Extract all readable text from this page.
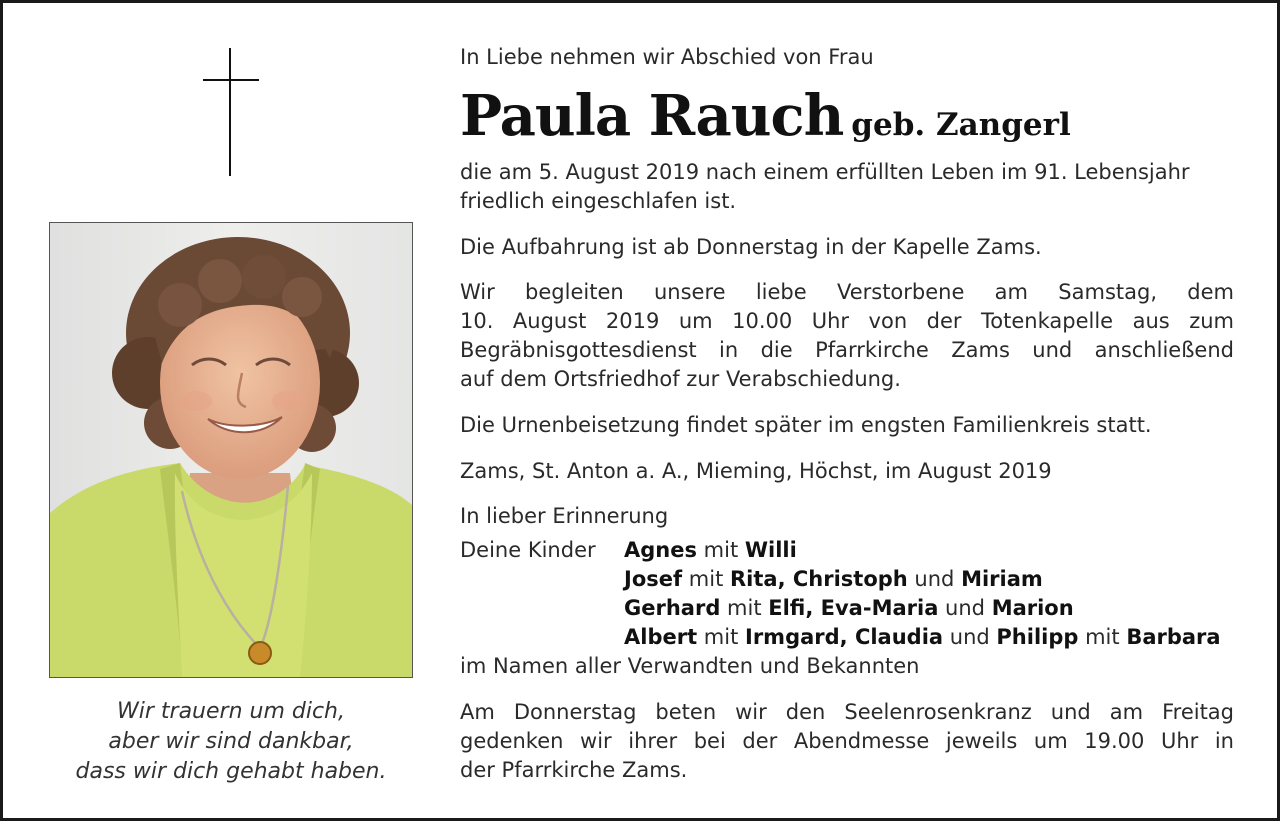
Wir trauern um dich,
aber wir sind dankbar,
dass wir dich gehabt haben.
In Liebe nehmen wir Abschied von Frau
Paula Rauch geb. Zangerl
die am 5. August 2019 nach einem erfüllten Leben im 91. Lebensjahr
friedlich eingeschlafen ist.
Die Aufbahrung ist ab Donnerstag in der Kapelle Zams.
Wir begleiten unsere liebe Verstorbene am Samstag, dem
10. August 2019 um 10.00 Uhr von der Totenkapelle aus zum
Begräbnisgottesdienst in die Pfarrkirche Zams und anschließend
auf dem Ortsfriedhof zur Verabschiedung.
Die Urnenbeisetzung findet später im engsten Familienkreis statt.
Zams, St. Anton a. A., Mieming, Höchst, im August 2019
In lieber Erinnerung
Deine Kinder Agnes mit Willi
Josef mit Rita, Christoph und Miriam
Gerhard mit Elfi, Eva-Maria und Marion
Albert mit Irmgard, Claudia und Philipp mit Barbara
im Namen aller Verwandten und Bekannten
Am Donnerstag beten wir den Seelenrosenkranz und am Freitag
gedenken wir ihrer bei der Abendmesse jeweils um 19.00 Uhr in
der Pfarrkirche Zams.
